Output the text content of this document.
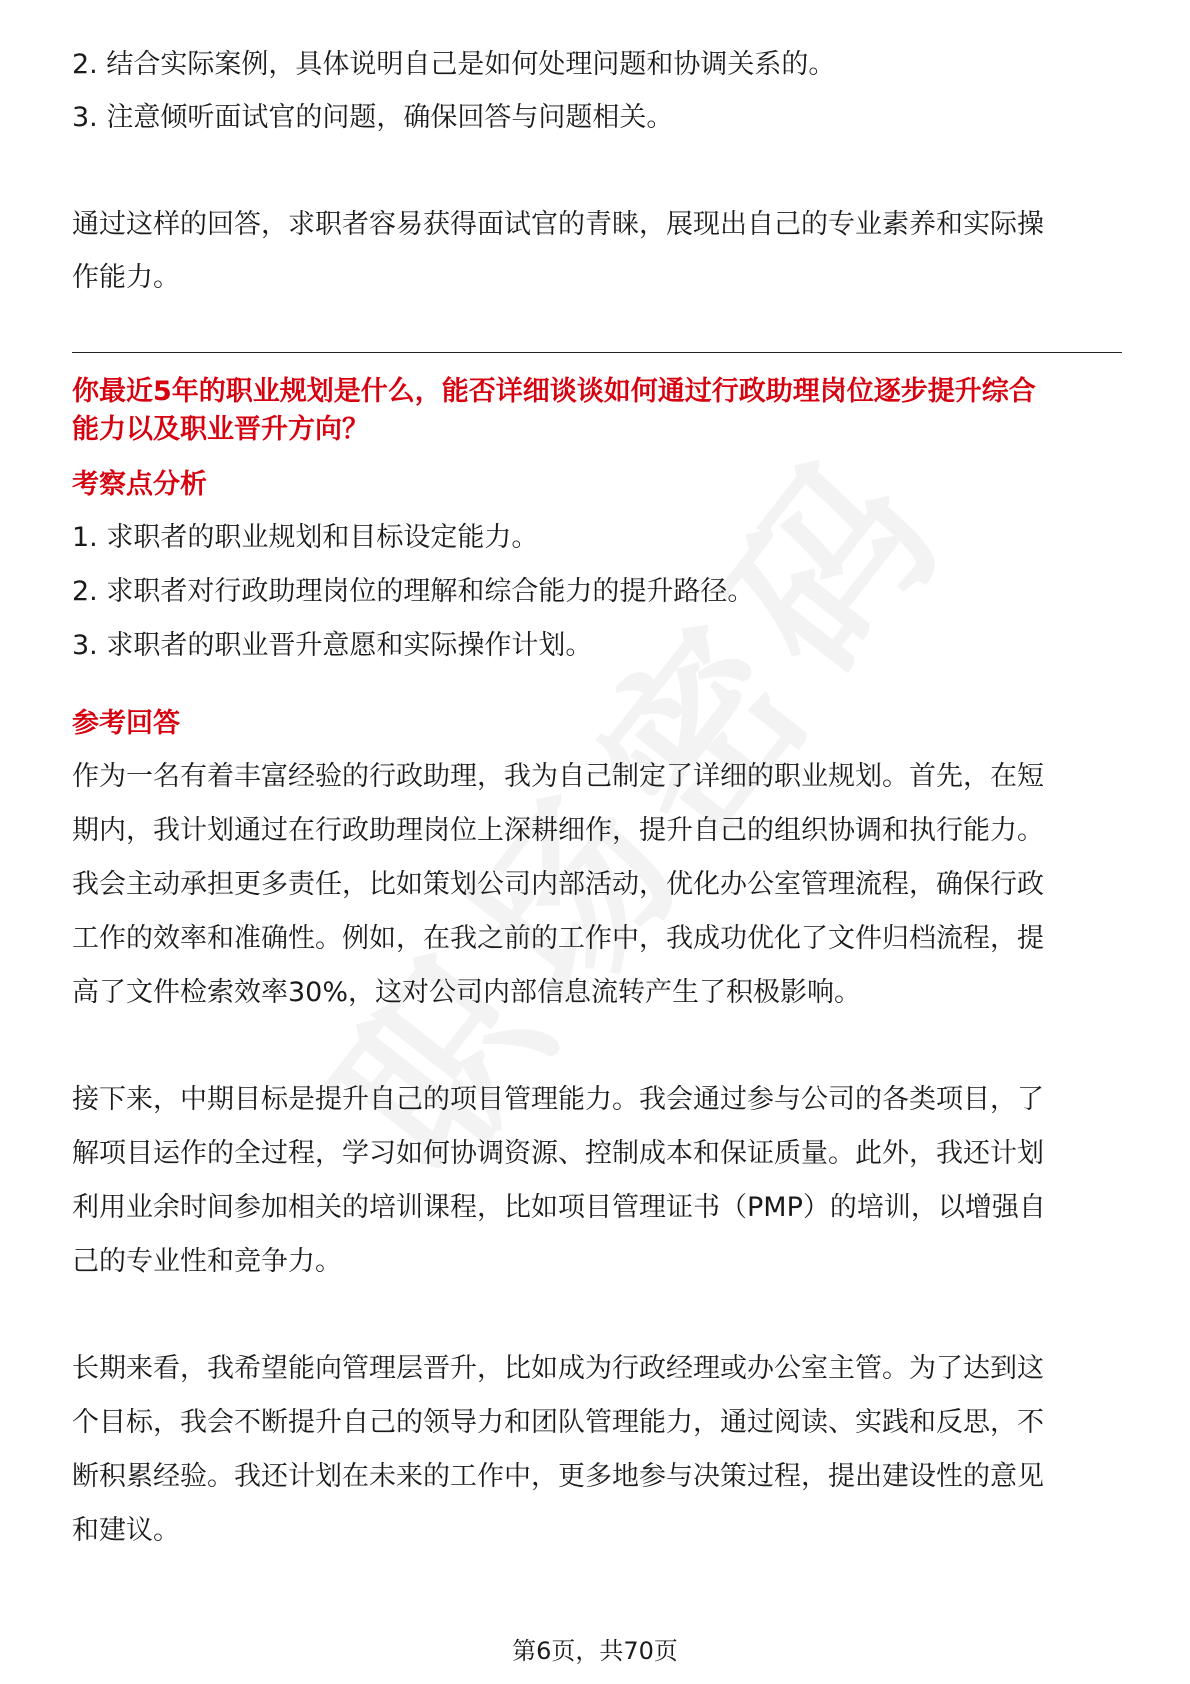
2. 结合实际案例，具体说明自己是如何处理问题和协调关系的。
3. 注意倾听面试官的问题，确保回答与问题相关。
通过这样的回答，求职者容易获得面试官的青睐，展现出自己的专业素养和实际操
作能力。
你最近5年的职业规划是什么，能否详细谈谈如何通过行政助理岗位逐步提升综合
能力以及职业晋升方向？
考察点分析
1. 求职者的职业规划和目标设定能力。
2. 求职者对行政助理岗位的理解和综合能力的提升路径。
3. 求职者的职业晋升意愿和实际操作计划。
参考回答
作为一名有着丰富经验的行政助理，我为自己制定了详细的职业规划。首先，在短
期内，我计划通过在行政助理岗位上深耕细作，提升自己的组织协调和执行能力。
我会主动承担更多责任，比如策划公司内部活动，优化办公室管理流程，确保行政
工作的效率和准确性。例如，在我之前的工作中，我成功优化了文件归档流程，提
高了文件检索效率30%，这对公司内部信息流转产生了积极影响。
接下来，中期目标是提升自己的项目管理能力。我会通过参与公司的各类项目，了
解项目运作的全过程，学习如何协调资源、控制成本和保证质量。此外，我还计划
利用业余时间参加相关的培训课程，比如项目管理证书（PMP）的培训，以增强自
己的专业性和竞争力。
长期来看，我希望能向管理层晋升，比如成为行政经理或办公室主管。为了达到这
个目标，我会不断提升自己的领导力和团队管理能力，通过阅读、实践和反思，不
断积累经验。我还计划在未来的工作中，更多地参与决策过程，提出建设性的意见
和建议。
第6页，共70页
